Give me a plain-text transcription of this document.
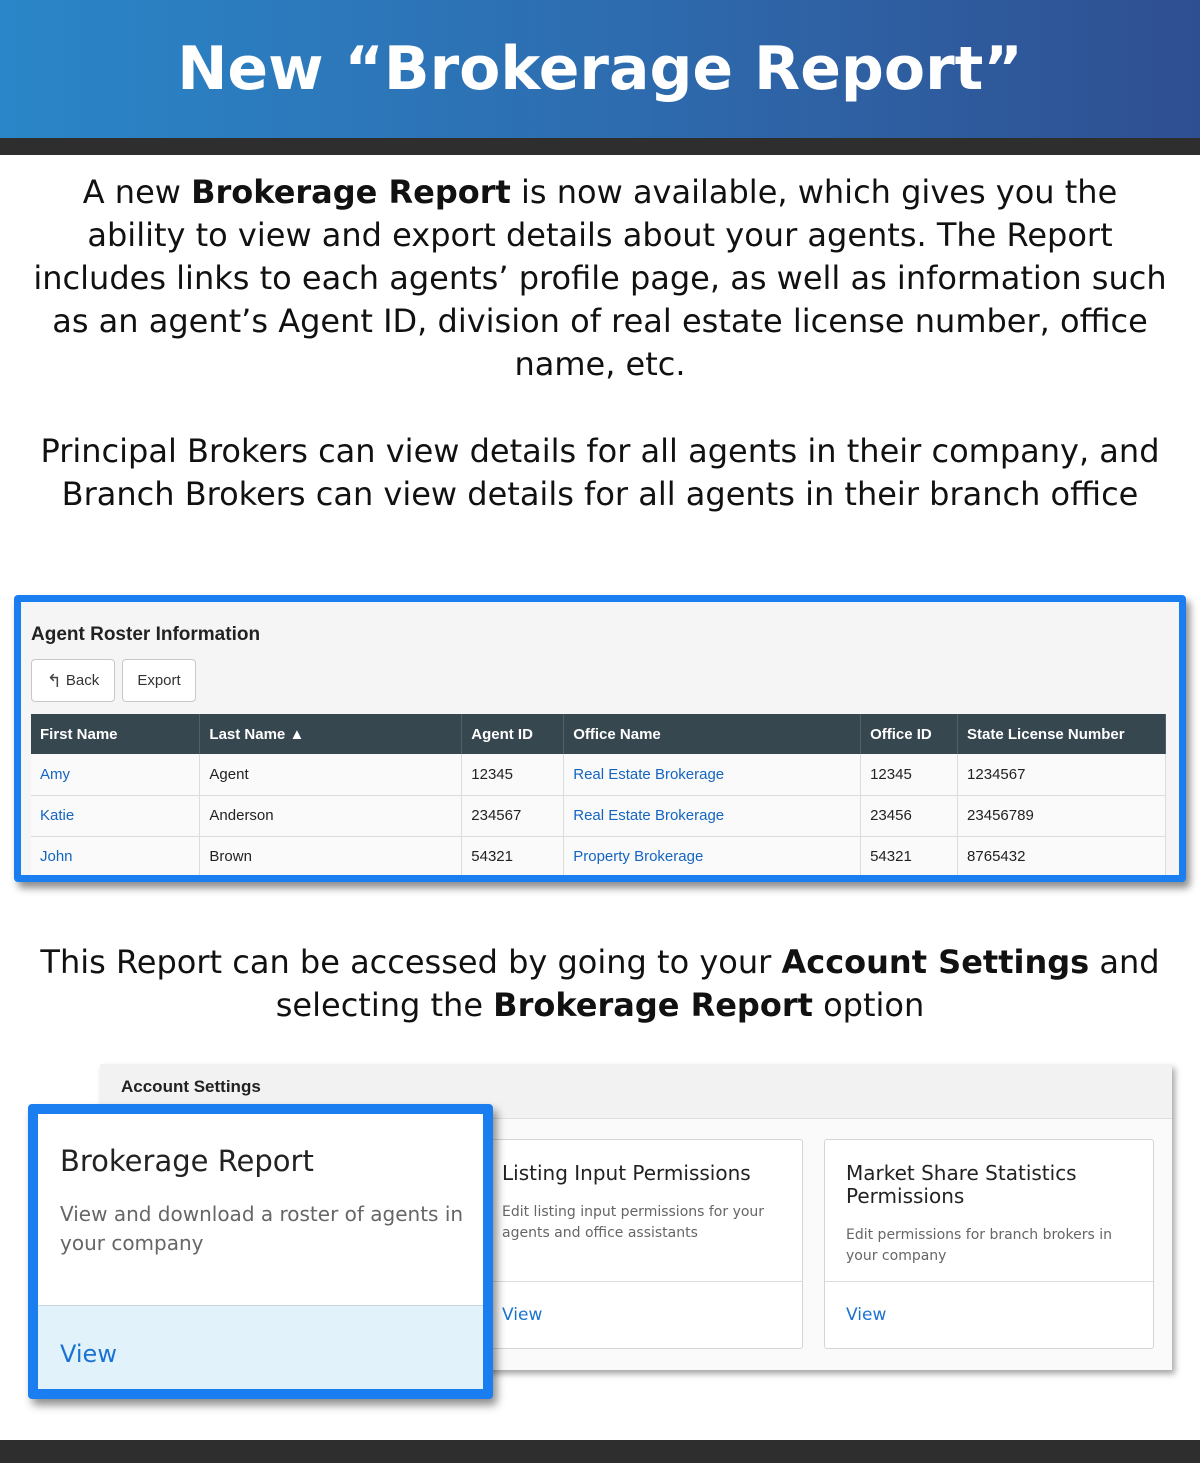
New “Brokerage Report”
A new Brokerage Report is now available, which gives you the ability to view and export details about your agents. The Report includes links to each agents’ profile page, as well as information such as an agent’s Agent ID, division of real estate license number, office name, etc.
Principal Brokers can view details for all agents in their company, and Branch Brokers can view details for all agents in their branch office
Agent Roster Information
↰ Back	Export
First Name	Last Name ▲	Agent ID	Office Name	Office ID	State License Number
Amy	Agent	12345	Real Estate Brokerage	12345	1234567
Katie	Anderson	234567	Real Estate Brokerage	23456	23456789
John	Brown	54321	Property Brokerage	54321	8765432
This Report can be accessed by going to your Account Settings and selecting the Brokerage Report option
Account Settings
Listing Input Permissions

Edit listing input permissions for your agents and office assistants

View
Market Share Statistics Permissions

Edit permissions for branch brokers in your company

View
Brokerage Report

View and download a roster of agents in your company

View
